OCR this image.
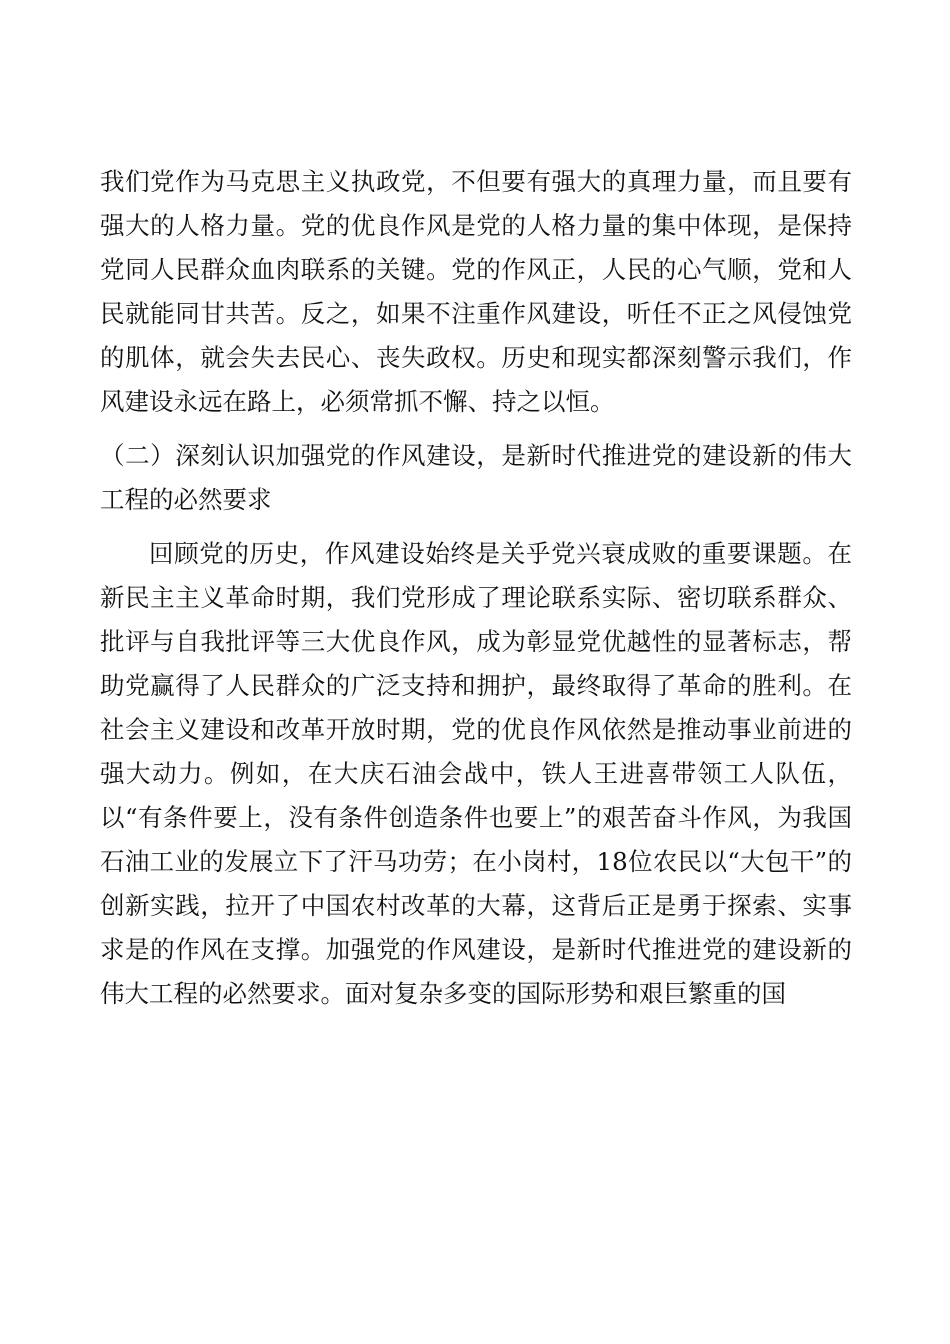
我们党作为马克思主义执政党，不但要有强大的真理力量，而且要有强大的人格力量。党的优良作风是党的人格力量的集中体现，是保持党同人民群众血肉联系的关键。党的作风正，人民的心气顺，党和人民就能同甘共苦。反之，如果不注重作风建设，听任不正之风侵蚀党的肌体，就会失去民心、丧失政权。历史和现实都深刻警示我们，作风建设永远在路上，必须常抓不懈、持之以恒。

（二）深刻认识加强党的作风建设，是新时代推进党的建设新的伟大工程的必然要求

回顾党的历史，作风建设始终是关乎党兴衰成败的重要课题。在新民主主义革命时期，我们党形成了理论联系实际、密切联系群众、批评与自我批评等三大优良作风，成为彰显党优越性的显著标志，帮助党赢得了人民群众的广泛支持和拥护，最终取得了革命的胜利。在社会主义建设和改革开放时期，党的优良作风依然是推动事业前进的强大动力。例如，在大庆石油会战中，铁人王进喜带领工人队伍，以“有条件要上，没有条件创造条件也要上”的艰苦奋斗作风，为我国石油工业的发展立下了汗马功劳；在小岗村，18位农民以“大包干”的创新实践，拉开了中国农村改革的大幕，这背后正是勇于探索、实事求是的作风在支撑。加强党的作风建设，是新时代推进党的建设新的伟大工程的必然要求。面对复杂多变的国际形势和艰巨繁重的国
